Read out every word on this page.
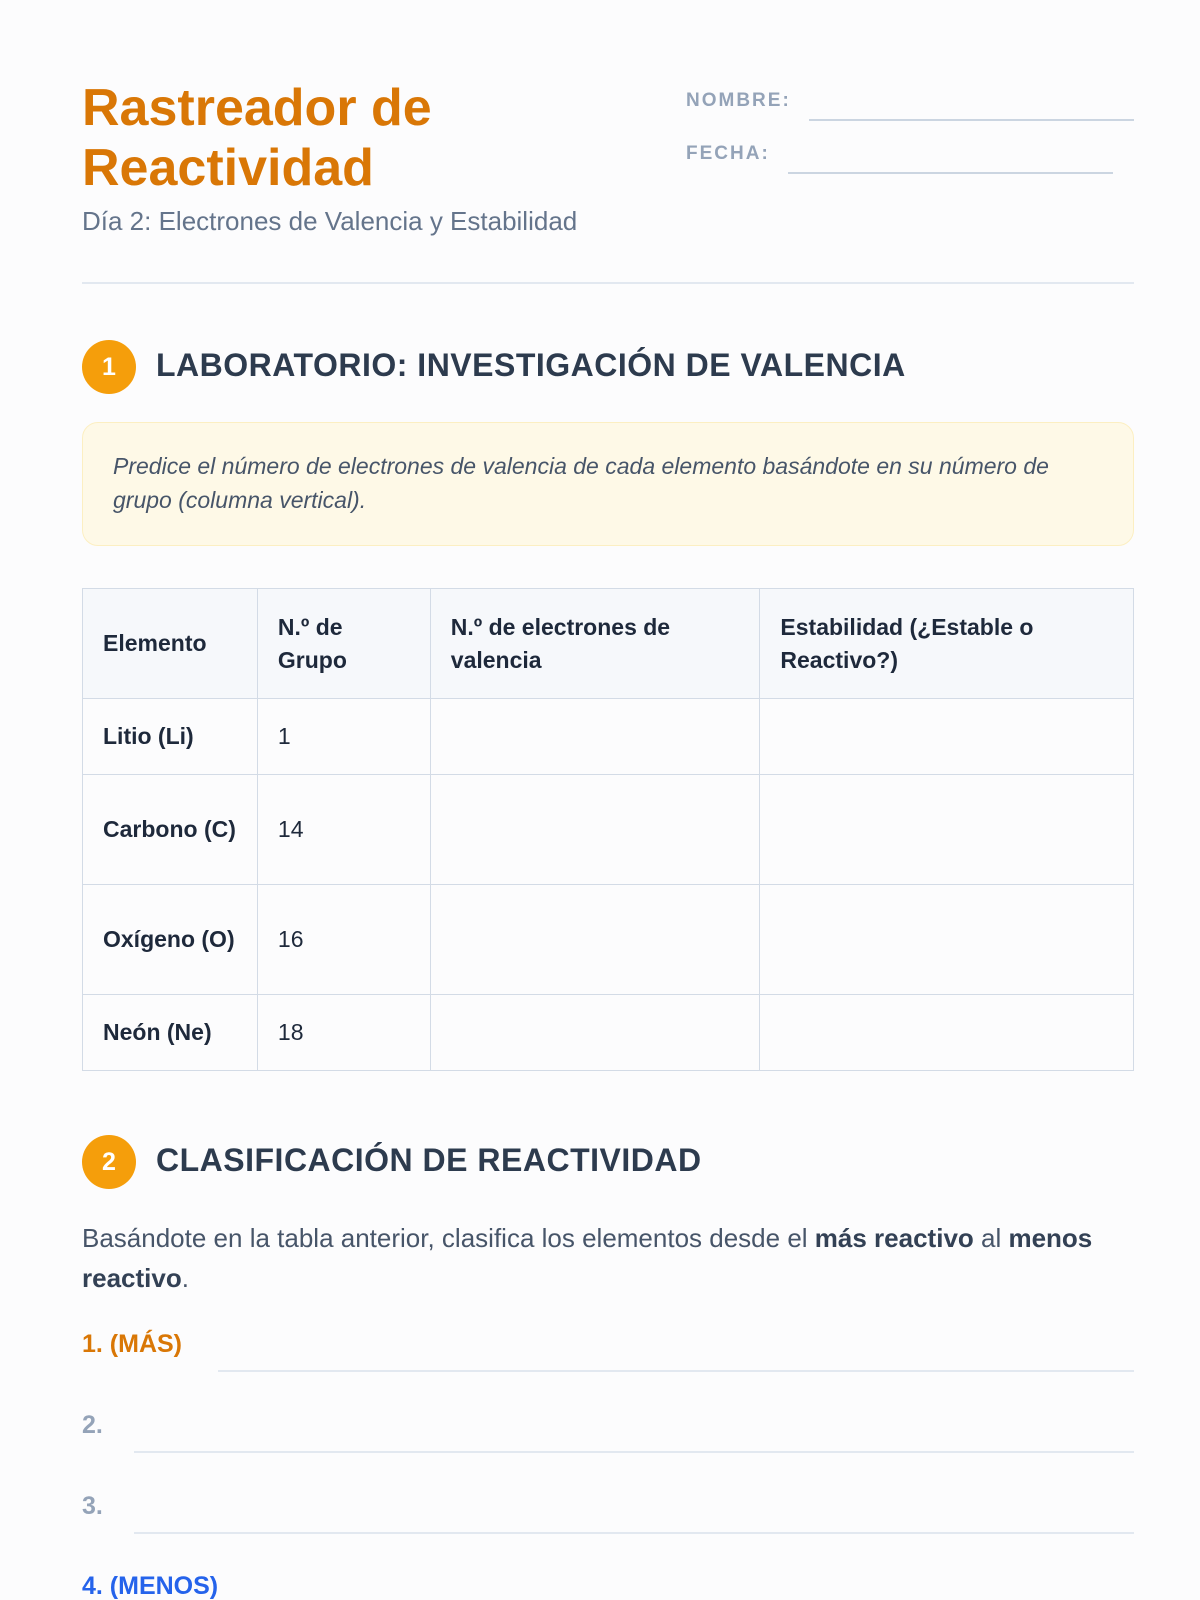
Rastreador de Reactividad
Día 2: Electrones de Valencia y Estabilidad
NOMBRE:
FECHA:
1	LABORATORIO: INVESTIGACIÓN DE VALENCIA
Predice el número de electrones de valencia de cada elemento basándote en su número de grupo (columna vertical).
Elemento	N.º de Grupo	N.º de electrones de valencia	Estabilidad (¿Estable o Reactivo?)
Litio (Li)	1		
Carbono (C)	14		
Oxígeno (O)	16		
Neón (Ne)	18		
2	CLASIFICACIÓN DE REACTIVIDAD

Basándote en la tabla anterior, clasifica los elementos desde el más reactivo al menos reactivo.

1. (MÁS)
2.
3.
4. (MENOS)
